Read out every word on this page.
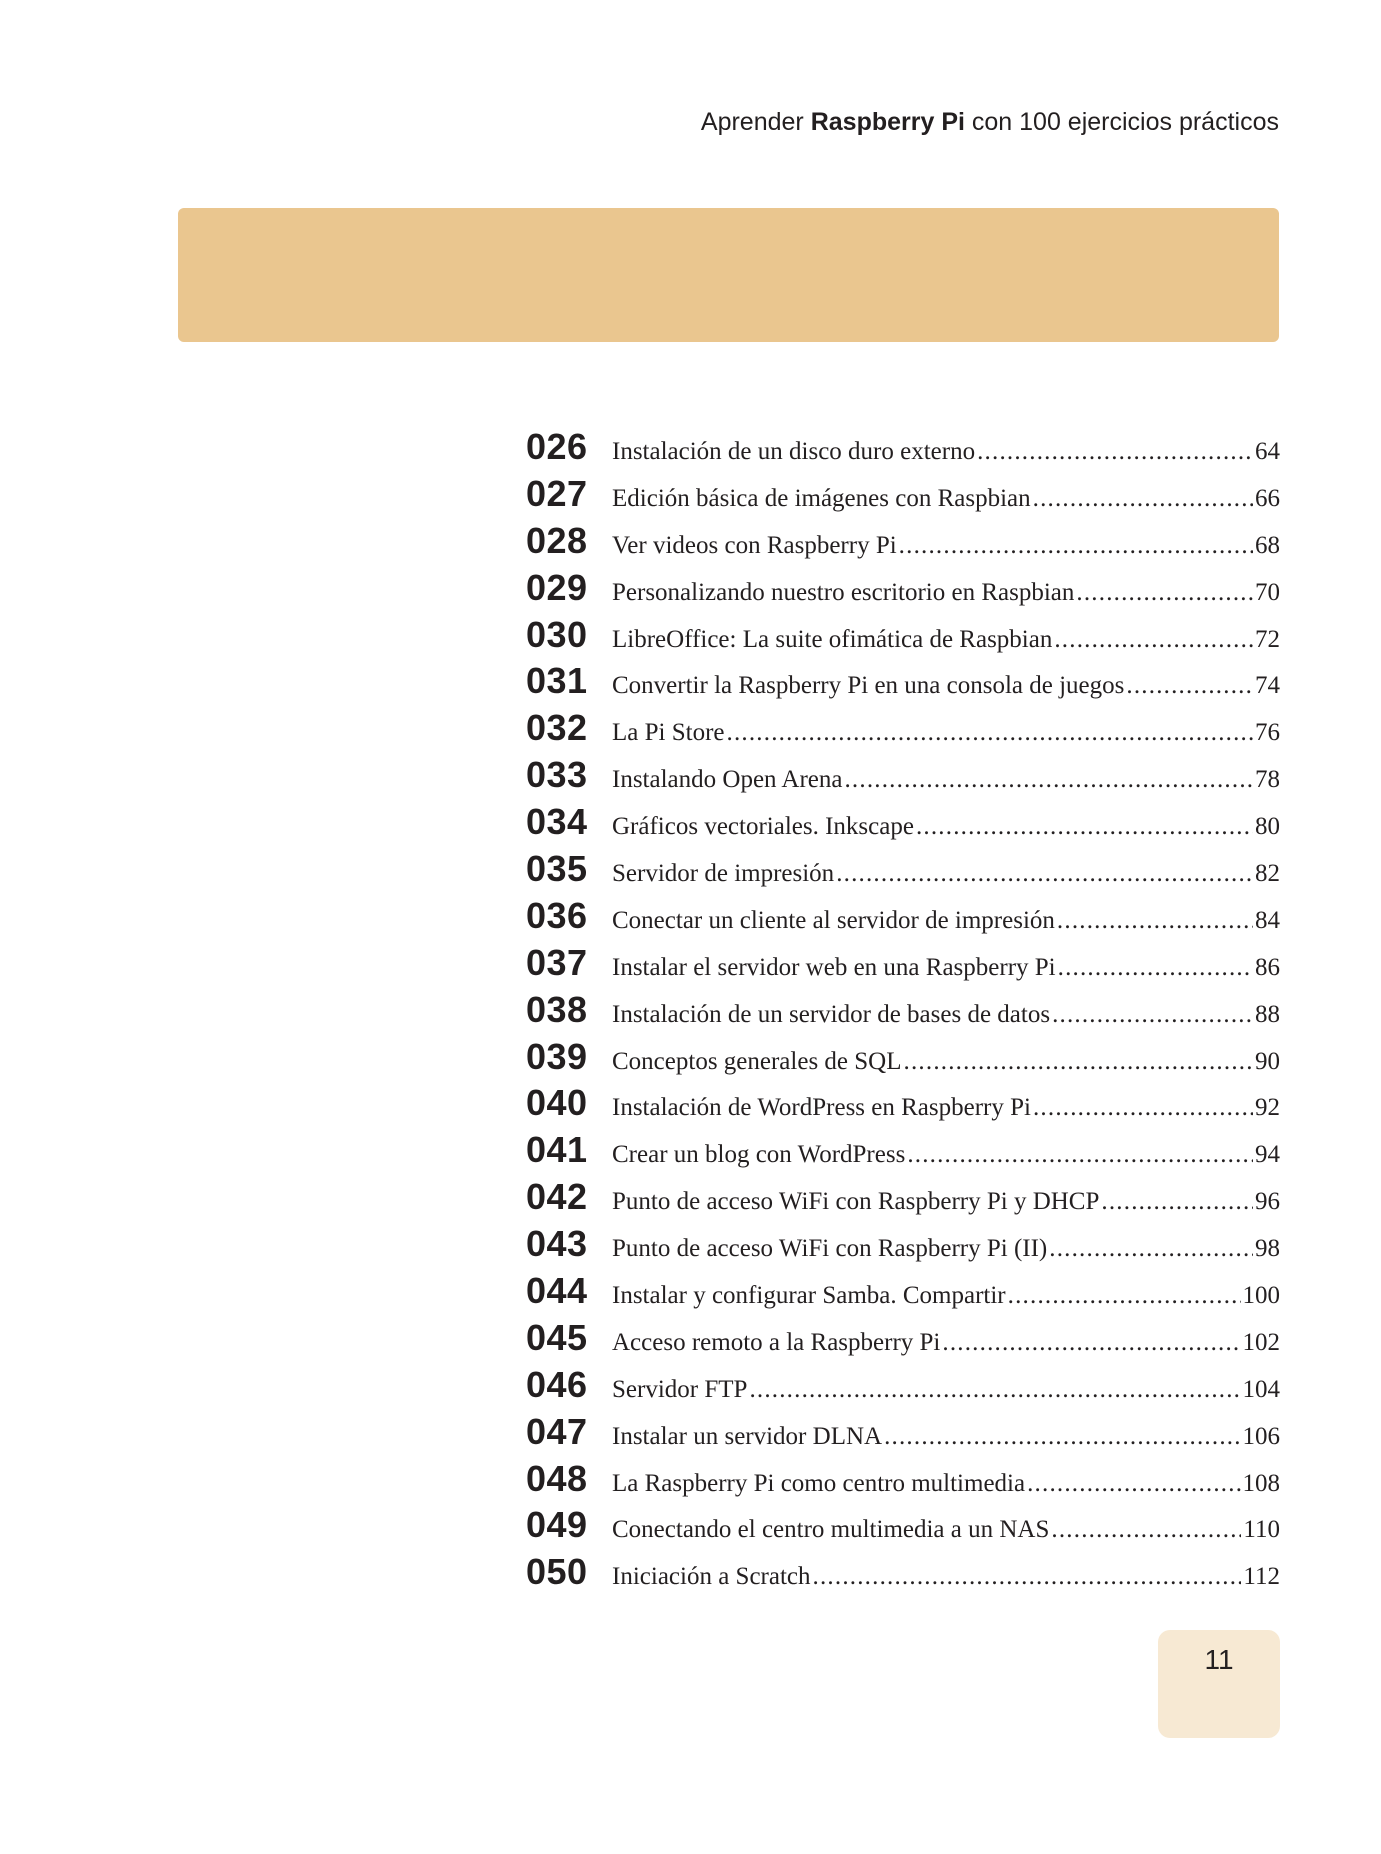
Aprender Raspberry Pi con 100 ejercicios prácticos
026 Instalación de un disco duro externo .....	64
027 Edición básica de imágenes con Raspbian .....	66
028 Ver videos con Raspberry Pi .....	68
029 Personalizando nuestro escritorio en Raspbian .....	70
030 LibreOffice: La suite ofimática de Raspbian .....	72
031 Convertir la Raspberry Pi en una consola de juegos .....	74
032 La Pi Store .....	76
033 Instalando Open Arena .....	78
034 Gráficos vectoriales. Inkscape .....	80
035 Servidor de impresión .....	82
036 Conectar un cliente al servidor de impresión .....	84
037 Instalar el servidor web en una Raspberry Pi .....	86
038 Instalación de un servidor de bases de datos .....	88
039 Conceptos generales de SQL .....	90
040 Instalación de WordPress en Raspberry Pi .....	92
041 Crear un blog con WordPress .....	94
042 Punto de acceso WiFi con Raspberry Pi y DHCP .....	96
043 Punto de acceso WiFi con Raspberry Pi (II) .....	98
044 Instalar y configurar Samba. Compartir .....	100
045 Acceso remoto a la Raspberry Pi .....	102
046 Servidor FTP .....	104
047 Instalar un servidor DLNA .....	106
048 La Raspberry Pi como centro multimedia .....	108
049 Conectando el centro multimedia a un NAS .....	110
050 Iniciación a Scratch .....	112
11
